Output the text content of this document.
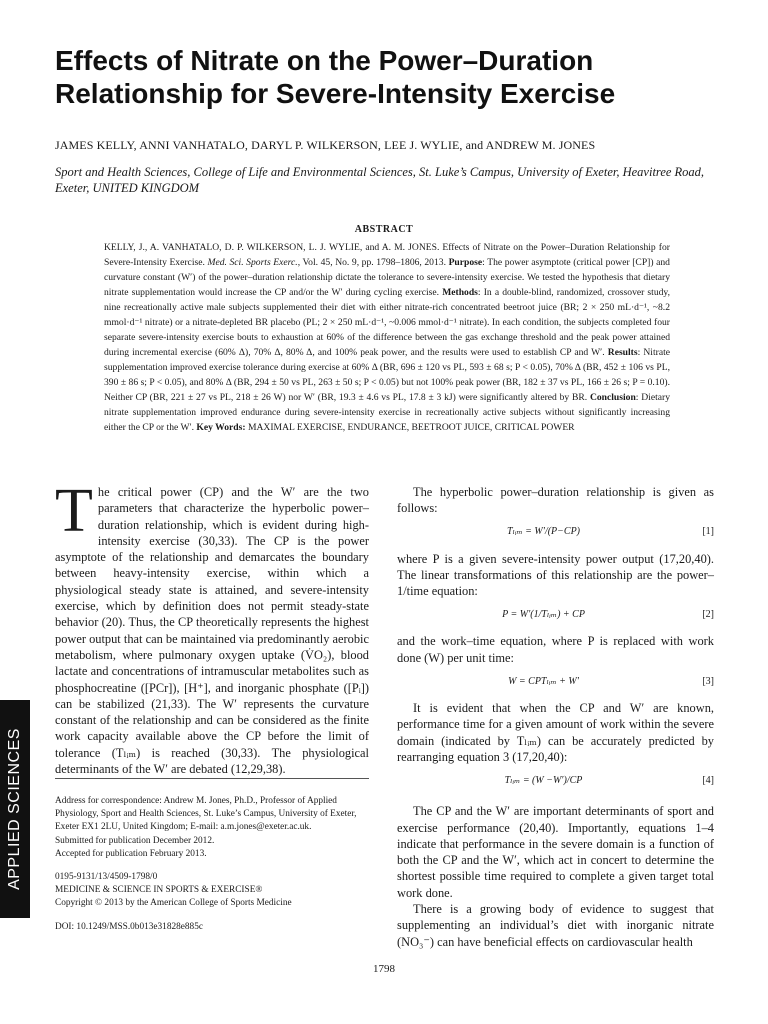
Effects of Nitrate on the Power–Duration Relationship for Severe-Intensity Exercise
JAMES KELLY, ANNI VANHATALO, DARYL P. WILKERSON, LEE J. WYLIE, and ANDREW M. JONES
Sport and Health Sciences, College of Life and Environmental Sciences, St. Luke’s Campus, University of Exeter, Heavitree Road, Exeter, UNITED KINGDOM
ABSTRACT

KELLY, J., A. VANHATALO, D. P. WILKERSON, L. J. WYLIE, and A. M. JONES. Effects of Nitrate on the Power–Duration Relationship for Severe-Intensity Exercise. Med. Sci. Sports Exerc., Vol. 45, No. 9, pp. 1798–1806, 2013. Purpose: The power asymptote (critical power [CP]) and curvature constant (W′) of the power–duration relationship dictate the tolerance to severe-intensity exercise. We tested the hypothesis that dietary nitrate supplementation would increase the CP and/or the W′ during cycling exercise. Methods: In a double-blind, randomized, crossover study, nine recreationally active male subjects supplemented their diet with either nitrate-rich concentrated beetroot juice (BR; 2 × 250 mL·d⁻¹, ~8.2 mmol·d⁻¹ nitrate) or a nitrate-depleted BR placebo (PL; 2 × 250 mL·d⁻¹, ~0.006 mmol·d⁻¹ nitrate). In each condition, the subjects completed four separate severe-intensity exercise bouts to exhaustion at 60% of the difference between the gas exchange threshold and the peak power attained during incremental exercise (60% Δ), 70% Δ, 80% Δ, and 100% peak power, and the results were used to establish CP and W′. Results: Nitrate supplementation improved exercise tolerance during exercise at 60% Δ (BR, 696 ± 120 vs PL, 593 ± 68 s; P < 0.05), 70% Δ (BR, 452 ± 106 vs PL, 390 ± 86 s; P < 0.05), and 80% Δ (BR, 294 ± 50 vs PL, 263 ± 50 s; P < 0.05) but not 100% peak power (BR, 182 ± 37 vs PL, 166 ± 26 s; P = 0.10). Neither CP (BR, 221 ± 27 vs PL, 218 ± 26 W) nor W′ (BR, 19.3 ± 4.6 vs PL, 17.8 ± 3 kJ) were significantly altered by BR. Conclusion: Dietary nitrate supplementation improved endurance during severe-intensity exercise in recreationally active subjects without significantly increasing either the CP or the W′. Key Words: MAXIMAL EXERCISE, ENDURANCE, BEETROOT JUICE, CRITICAL POWER

The critical power (CP) and the W′ are the two parameters that characterize the hyperbolic power–duration relationship, which is evident during high-intensity exercise (30,33). The CP is the power asymptote of the relationship and demarcates the boundary between heavy-intensity exercise, within which a physiological steady state is attained, and severe-intensity exercise, which by definition does not permit steady-state behavior (20). Thus, the CP theoretically represents the highest power output that can be maintained via predominantly aerobic metabolism, where pulmonary oxygen uptake (V̇O₂), blood lactate and concentrations of intramuscular metabolites such as phosphocreatine ([PCr]), [H⁺], and inorganic phosphate ([Pᵢ]) can be stabilized (21,33). The W′ represents the curvature constant of the relationship and can be considered as the finite work capacity available above the CP before the limit of tolerance (Tₗᵢₘ) is reached (30,33). The physiological determinants of the W′ are debated (12,29,38).

Address for correspondence: Andrew M. Jones, Ph.D., Professor of Applied Physiology, Sport and Health Sciences, St. Luke’s Campus, University of Exeter, Exeter EX1 2LU, United Kingdom; E-mail: a.m.jones@exeter.ac.uk.
Submitted for publication December 2012.
Accepted for publication February 2013.
0195-9131/13/4509-1798/0
MEDICINE & SCIENCE IN SPORTS & EXERCISE®
Copyright © 2013 by the American College of Sports Medicine
DOI: 10.1249/MSS.0b013e31828e885c

The hyperbolic power–duration relationship is given as follows:

Tₗᵢₘ = W′/(P−CP)	[1]

where P is a given severe-intensity power output (17,20,40). The linear transformations of this relationship are the power–1/time equation:

P = W′(1/Tₗᵢₘ) + CP	[2]

and the work–time equation, where P is replaced with work done (W) per unit time:

W = CPTₗᵢₘ + W′	[3]

It is evident that when the CP and W′ are known, performance time for a given amount of work within the severe domain (indicated by Tₗᵢₘ) can be accurately predicted by rearranging equation 3 (17,20,40):

Tₗᵢₘ = (W −W′)/CP	[4]

The CP and the W′ are important determinants of sport and exercise performance (20,40). Importantly, equations 1–4 indicate that performance in the severe domain is a function of both the CP and the W′, which act in concert to determine the shortest possible time required to complete a given target total work done.

There is a growing body of evidence to suggest that supplementing an individual’s diet with inorganic nitrate (NO₃⁻) can have beneficial effects on cardiovascular health

APPLIED SCIENCES
1798
